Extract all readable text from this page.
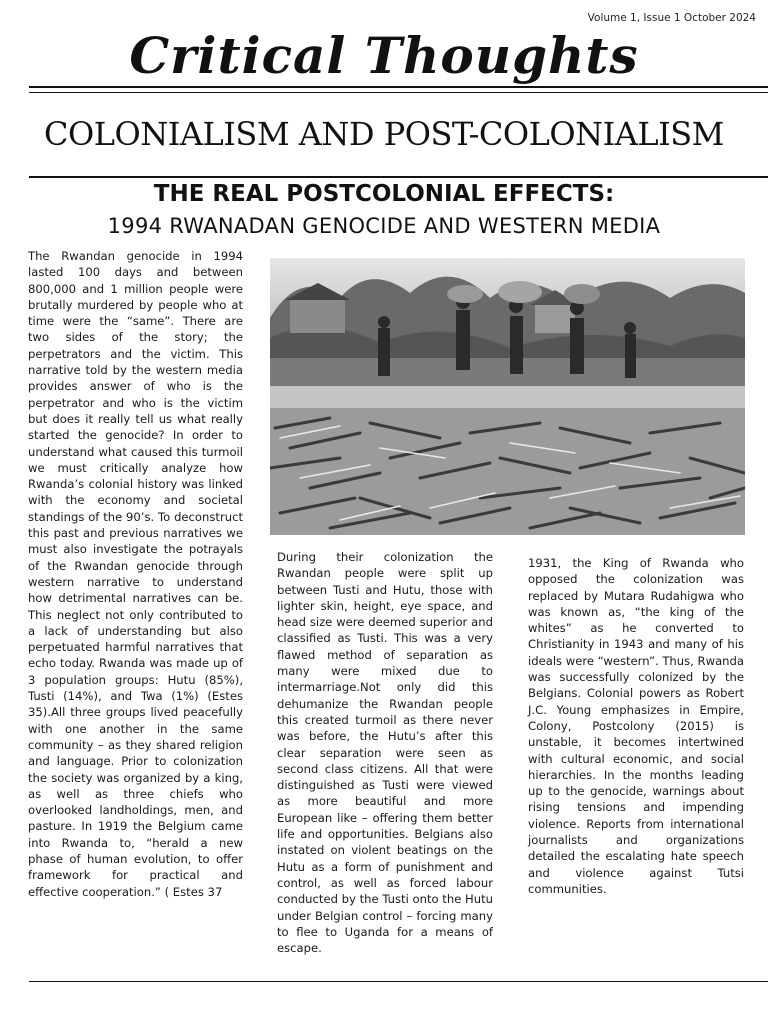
Volume 1, Issue 1 October 2024
Critical Thoughts
COLONIALISM AND POST-COLONIALISM
THE REAL POSTCOLONIAL EFFECTS:
1994 RWANADAN GENOCIDE AND WESTERN MEDIA
The Rwandan genocide in 1994 lasted 100 days and between 800,000 and 1 million people were brutally murdered by people who at time were the “same”. There are two sides of the story; the perpetrators and the victim. This narrative told by the western media provides answer of who is the perpetrator and who is the victim but does it really tell us what really started the genocide? In order to understand what caused this turmoil we must critically analyze how Rwanda’s colonial history was linked with the economy and societal standings of the 90’s. To deconstruct this past and previous narratives we must also investigate the potrayals of the Rwandan genocide through western narrative to understand how detrimental narratives can be. This neglect not only contributed to a lack of understanding but also perpetuated harmful narratives that echo today. Rwanda was made up of 3 population groups: Hutu (85%), Tusti (14%), and Twa (1%) (Estes 35).All three groups lived peacefully with one another in the same community – as they shared religion and language. Prior to colonization the society was organized by a king, as well as three chiefs who overlooked landholdings, men, and pasture. In 1919 the Belgium came into Rwanda to, “herald a new phase of human evolution, to offer framework for practical and effective cooperation.” ( Estes 37
During their colonization the Rwandan people were split up between Tusti and Hutu, those with lighter skin, height, eye space, and head size were deemed superior and classified as Tusti. This was a very flawed method of separation as many were mixed due to intermarriage.Not only did this dehumanize the Rwandan people this created turmoil as there never was before, the Hutu’s after this clear separation were seen as second class citizens. All that were distinguished as Tusti were viewed as more beautiful and more European like – offering them better life and opportunities. Belgians also instated on violent beatings on the Hutu as a form of punishment and control, as well as forced labour conducted by the Tusti onto the Hutu under Belgian control – forcing many to flee to Uganda for a means of escape.
1931, the King of Rwanda who opposed the colonization was replaced by Mutara Rudahigwa who was known as, “the king of the whites” as he converted to Christianity in 1943 and many of his ideals were “western”. Thus, Rwanda was successfully colonized by the Belgians. Colonial powers as Robert J.C. Young emphasizes in Empire, Colony, Postcolony (2015) is unstable, it becomes intertwined with cultural economic, and social hierarchies. In the months leading up to the genocide, warnings about rising tensions and impending violence. Reports from international journalists and organizations detailed the escalating hate speech and violence against Tutsi communities.
